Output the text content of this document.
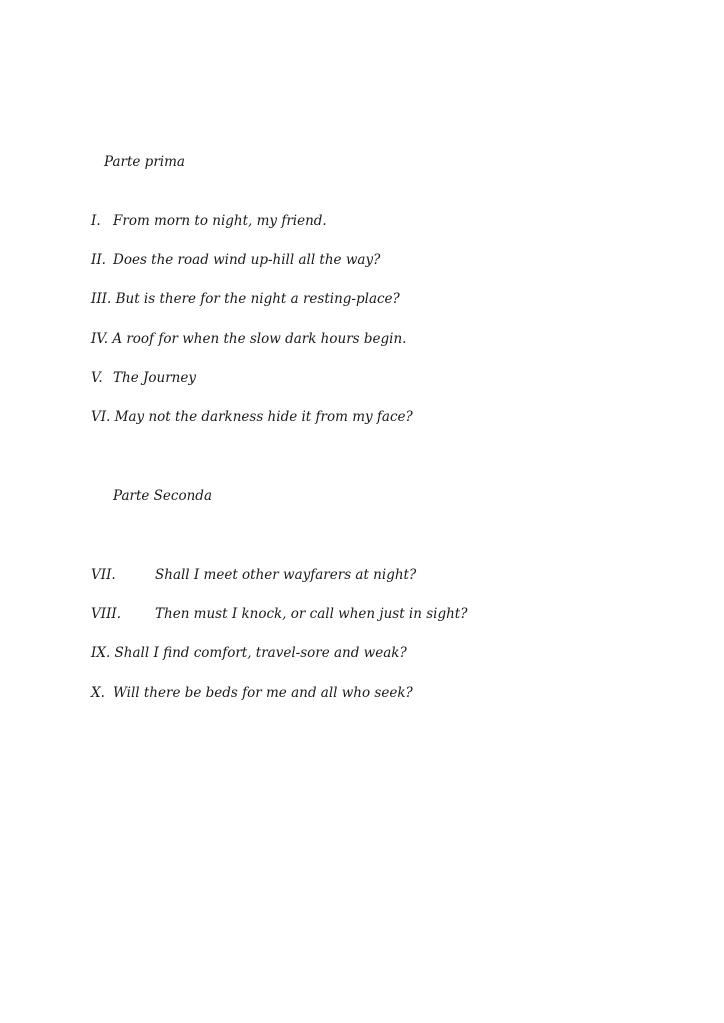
Parte prima
I. From morn to night, my friend.
II. Does the road wind up-hill all the way?
III. But is there for the night a resting-place?
IV. A roof for when the slow dark hours begin.
V. The Journey
VI. May not the darkness hide it from my face?
Parte Seconda
VII.	Shall I meet other wayfarers at night?
VIII.	Then must I knock, or call when just in sight?
IX. Shall I find comfort, travel-sore and weak?
X. Will there be beds for me and all who seek?
